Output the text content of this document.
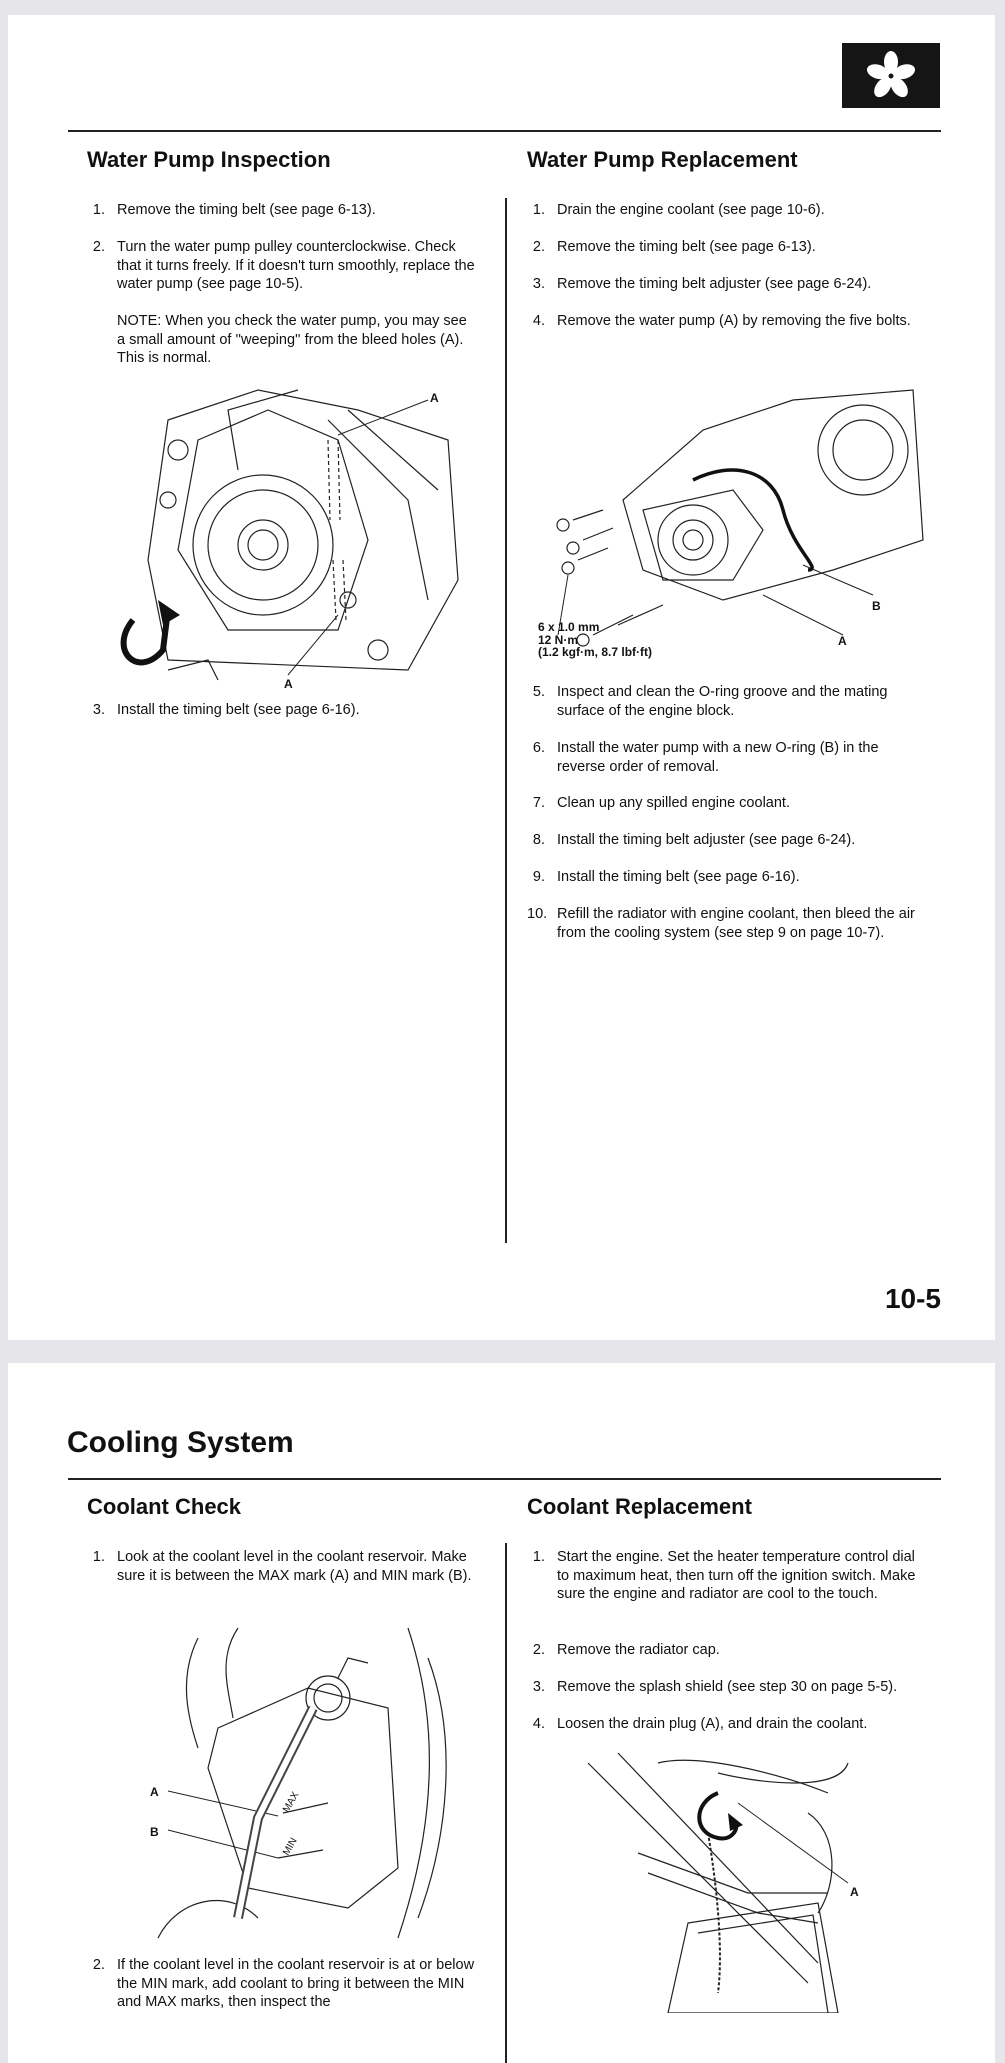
Water Pump Inspection	Water Pump Replacement
1. Remove the timing belt (see page 6-13).
2. Turn the water pump pulley counterclockwise. Check that it turns freely. If it doesn't turn smoothly, replace the water pump (see page 10-5).
NOTE: When you check the water pump, you may see a small amount of ''weeping'' from the bleed holes (A). This is normal.
A
A
3. Install the timing belt (see page 6-16).
1. Drain the engine coolant (see page 10-6).
2. Remove the timing belt (see page 6-13).
3. Remove the timing belt adjuster (see page 6-24).
4. Remove the water pump (A) by removing the five bolts.
B
A
6 x 1.0 mm
12 N·m
(1.2 kgf·m, 8.7 lbf·ft)
5. Inspect and clean the O-ring groove and the mating surface of the engine block.
6. Install the water pump with a new O-ring (B) in the reverse order of removal.
7. Clean up any spilled engine coolant.
8. Install the timing belt adjuster (see page 6-24).
9. Install the timing belt (see page 6-16).
10. Refill the radiator with engine coolant, then bleed the air from the cooling system (see step 9 on page 10-7).
10-5
Cooling System
Coolant Check	Coolant Replacement
1. Look at the coolant level in the coolant reservoir. Make sure it is between the MAX mark (A) and MIN mark (B).
MAX
MIN
A
B
2. If the coolant level in the coolant reservoir is at or below the MIN mark, add coolant to bring it between the MIN and MAX marks, then inspect the
1. Start the engine. Set the heater temperature control dial to maximum heat, then turn off the ignition switch. Make sure the engine and radiator are cool to the touch.
2. Remove the radiator cap.
3. Remove the splash shield (see step 30 on page 5-5).
4. Loosen the drain plug (A), and drain the coolant.
A
